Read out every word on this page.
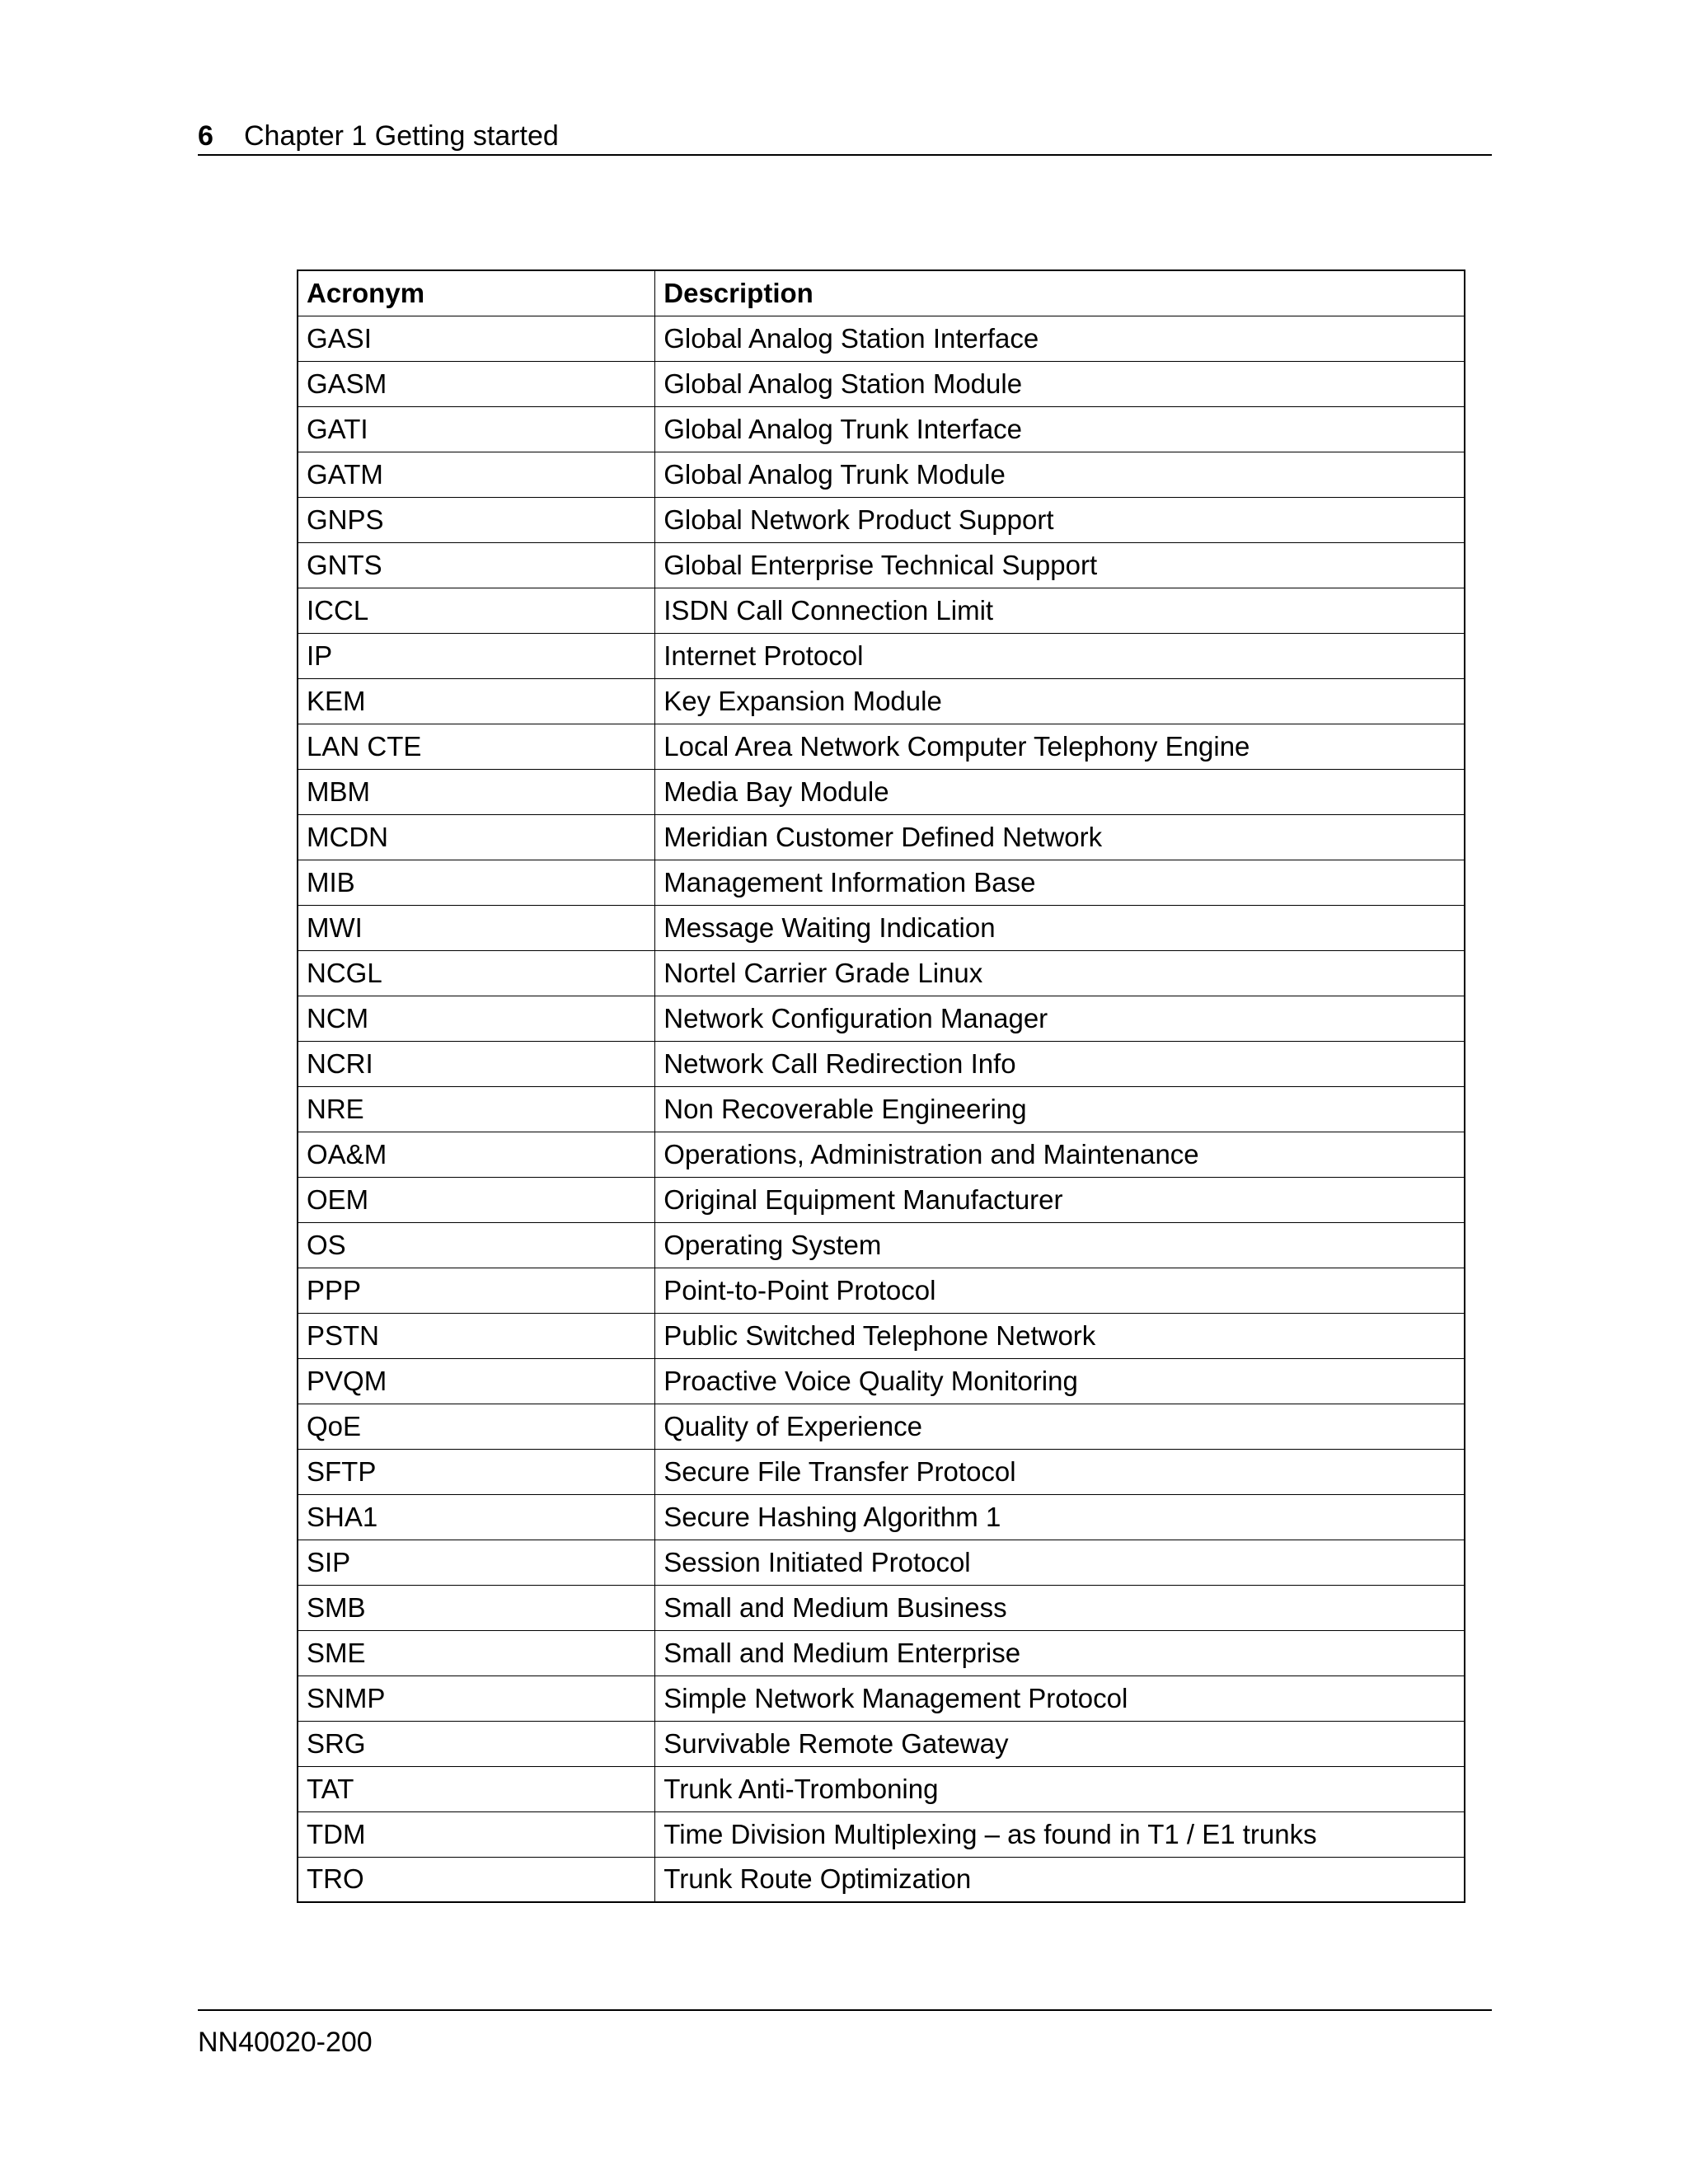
6 Chapter 1 Getting started
Acronym	Description
GASI	Global Analog Station Interface
GASM	Global Analog Station Module
GATI	Global Analog Trunk Interface
GATM	Global Analog Trunk Module
GNPS	Global Network Product Support
GNTS	Global Enterprise Technical Support
ICCL	ISDN Call Connection Limit
IP	Internet Protocol
KEM	Key Expansion Module
LAN CTE	Local Area Network Computer Telephony Engine
MBM	Media Bay Module
MCDN	Meridian Customer Defined Network
MIB	Management Information Base
MWI	Message Waiting Indication
NCGL	Nortel Carrier Grade Linux
NCM	Network Configuration Manager
NCRI	Network Call Redirection Info
NRE	Non Recoverable Engineering
OA&M	Operations, Administration and Maintenance
OEM	Original Equipment Manufacturer
OS	Operating System
PPP	Point-to-Point Protocol
PSTN	Public Switched Telephone Network
PVQM	Proactive Voice Quality Monitoring
QoE	Quality of Experience
SFTP	Secure File Transfer Protocol
SHA1	Secure Hashing Algorithm 1
SIP	Session Initiated Protocol
SMB	Small and Medium Business
SME	Small and Medium Enterprise
SNMP	Simple Network Management Protocol
SRG	Survivable Remote Gateway
TAT	Trunk Anti-Tromboning
TDM	Time Division Multiplexing – as found in T1 / E1 trunks
TRO	Trunk Route Optimization
NN40020-200
